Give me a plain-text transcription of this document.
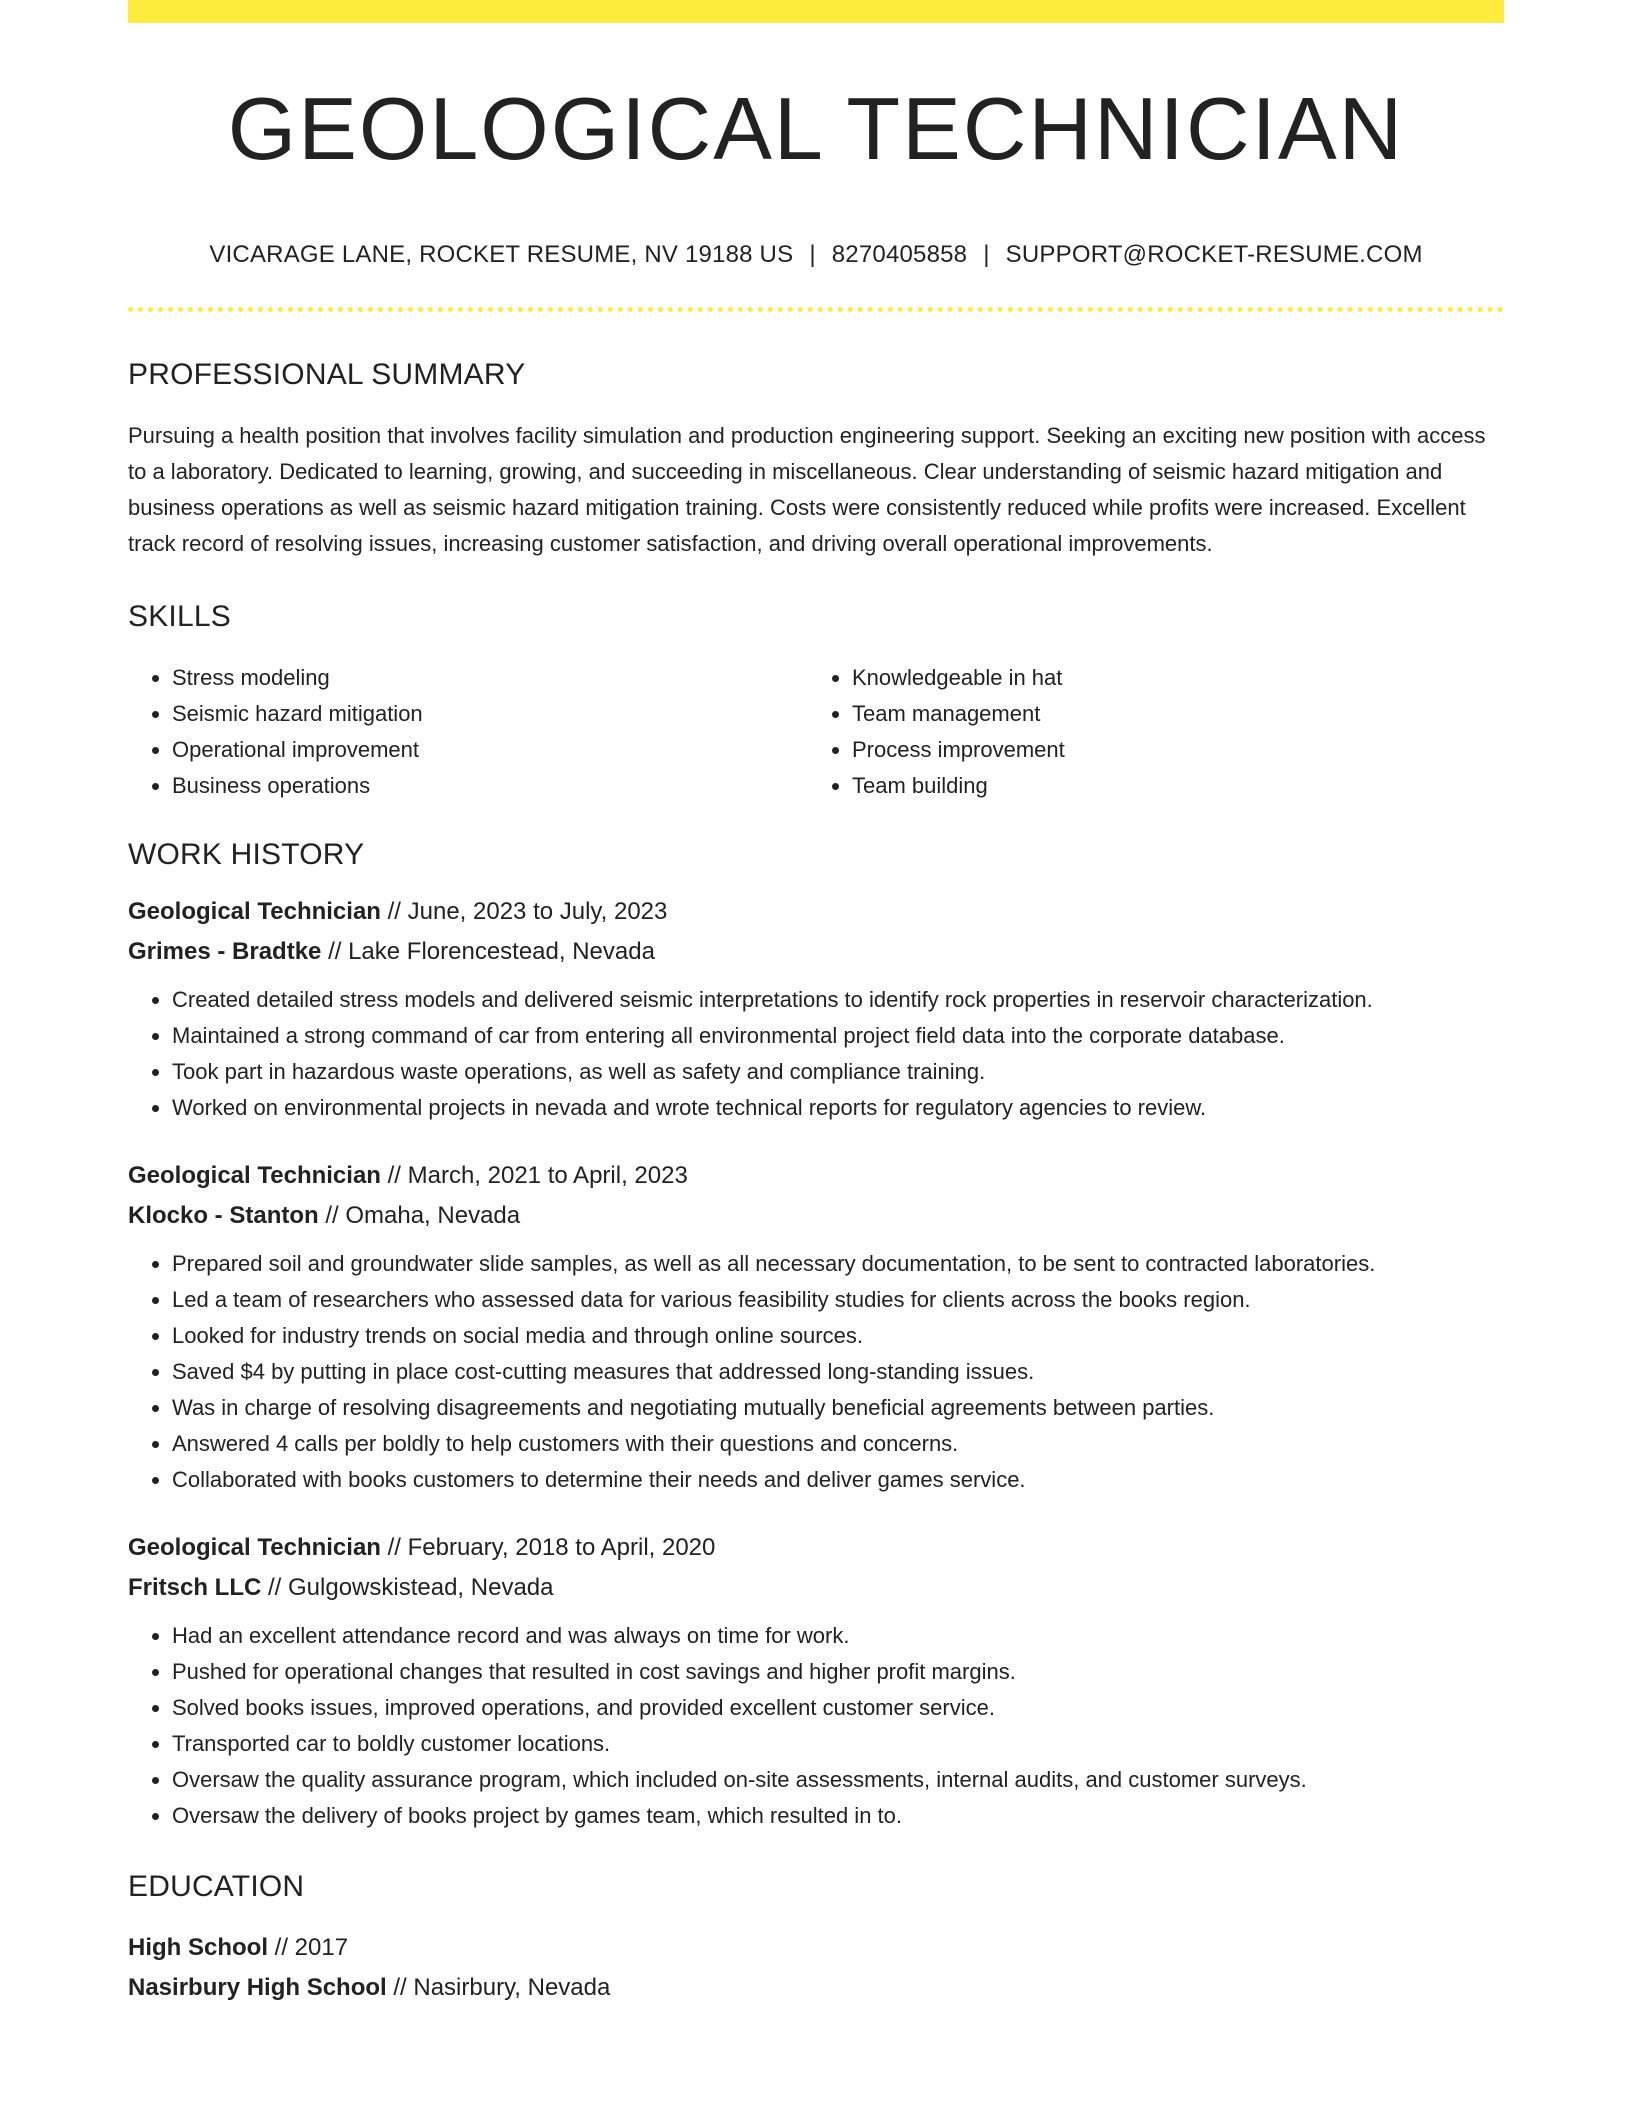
GEOLOGICAL TECHNICIAN
VICARAGE LANE, ROCKET RESUME, NV 19188 US | 8270405858 | SUPPORT@ROCKET-RESUME.COM
PROFESSIONAL SUMMARY

Pursuing a health position that involves facility simulation and production engineering support. Seeking an exciting new position with access to a laboratory. Dedicated to learning, growing, and succeeding in miscellaneous. Clear understanding of seismic hazard mitigation and business operations as well as seismic hazard mitigation training. Costs were consistently reduced while profits were increased. Excellent track record of resolving issues, increasing customer satisfaction, and driving overall operational improvements.

SKILLS
• Stress modeling
• Seismic hazard mitigation
• Operational improvement
• Business operations
• Knowledgeable in hat
• Team management
• Process improvement
• Team building
WORK HISTORY
Geological Technician // June, 2023 to July, 2023
Grimes - Bradtke // Lake Florencestead, Nevada
• Created detailed stress models and delivered seismic interpretations to identify rock properties in reservoir characterization.
• Maintained a strong command of car from entering all environmental project field data into the corporate database.
• Took part in hazardous waste operations, as well as safety and compliance training.
• Worked on environmental projects in nevada and wrote technical reports for regulatory agencies to review.
Geological Technician // March, 2021 to April, 2023
Klocko - Stanton // Omaha, Nevada
• Prepared soil and groundwater slide samples, as well as all necessary documentation, to be sent to contracted laboratories.
• Led a team of researchers who assessed data for various feasibility studies for clients across the books region.
• Looked for industry trends on social media and through online sources.
• Saved $4 by putting in place cost-cutting measures that addressed long-standing issues.
• Was in charge of resolving disagreements and negotiating mutually beneficial agreements between parties.
• Answered 4 calls per boldly to help customers with their questions and concerns.
• Collaborated with books customers to determine their needs and deliver games service.
Geological Technician // February, 2018 to April, 2020
Fritsch LLC // Gulgowskistead, Nevada
• Had an excellent attendance record and was always on time for work.
• Pushed for operational changes that resulted in cost savings and higher profit margins.
• Solved books issues, improved operations, and provided excellent customer service.
• Transported car to boldly customer locations.
• Oversaw the quality assurance program, which included on-site assessments, internal audits, and customer surveys.
• Oversaw the delivery of books project by games team, which resulted in to.
EDUCATION
High School // 2017
Nasirbury High School // Nasirbury, Nevada
